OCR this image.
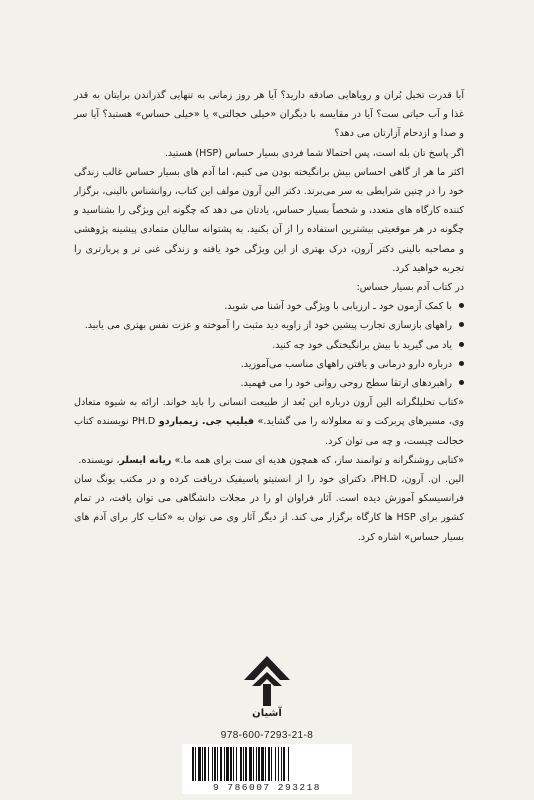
آیا قدرت تخیل بُران و رویاهایی صادقه دارید؟ آیا هر روز زمانی به تنهایی گذراندن برایتان به قدر غذا و آب حیاتی ست؟ آیا در مقایسه با دیگران «خیلی خجالتی» یا «خیلی حساس» هستید؟ آیا سر و صدا و ازدحام آزارتان می دهد؟

اگر پاسخ تان بله است، پس احتمالا شما فردی بسیار حساس (HSP) هستید.

اکثر ما هر از گاهی احساس بیش برانگیخته بودن می کنیم، اما آدم های بسیار حساس غالب زندگی خود را در چنین شرایطی به سر می‌برند. دکتر الین آرون مولف این کتاب، روانشناس بالینی، برگزار کننده کارگاه های متعدد، و شخصاً بسیار حساس، یادتان می دهد که چگونه این ویژگی را بشناسید و چگونه در هر موقعیتی بیشترین استفاده را از آن بکنید. به پشتوانه سالیان متمادی پیشینه پژوهشی و مصاحبه بالینی دکتر آرون، درک بهتری از این ویژگی خود یافته و زندگی غنی تر و پربارتری را تجربه خواهید کرد.

در کتاب آدم بسیار حساس:

با کمک آزمون خود ـ ارزیابی با ویژگی خود آشنا می شوید.
راههای بازسازی تجارب پیشین خود از زاویه دید مثبت را آموخته و عزت نفس بهتری می یابید.
یاد می گیرید با بیش برانگیختگی خود چه کنید.
درباره دارو درمانی و یافتن راههای مناسب می‌آموزید.
راهبردهای ارتقا سطح روحی روانی خود را می فهمید.

«کتاب تحلیلگرانه الین آرون درباره این بُعد از طبیعت انسانی را باید خواند. ارائه به شیوه متعادل وی، مسیرهای پربرکت و نه معلولانه را می گشاید.» فیلیپ جی. زیمباردو PH.D نویسنده کتاب خجالت چیست، و چه می توان کرد.

«کتابی روشنگرانه و توانمند ساز، که همچون هدیه ای ست برای همه ما.» ریانه ایسلر، نویسنده.

الین. ان. آرون، PH.D، دکترای خود را از انستیتو پاسیفیک دریافت کرده و در مکتب یونگ سان فرانسیسکو آموزش دیده است. آثار فراوان او را در مجلات دانشگاهی می توان یافت، در تمام کشور برای HSP ها کارگاه برگزار می کند. از دیگر آثار وی می توان به «کتاب کار برای آدم های بسیار حساس» اشاره کرد.

آشیان
978-600-7293-21-8
9 786007 293218
